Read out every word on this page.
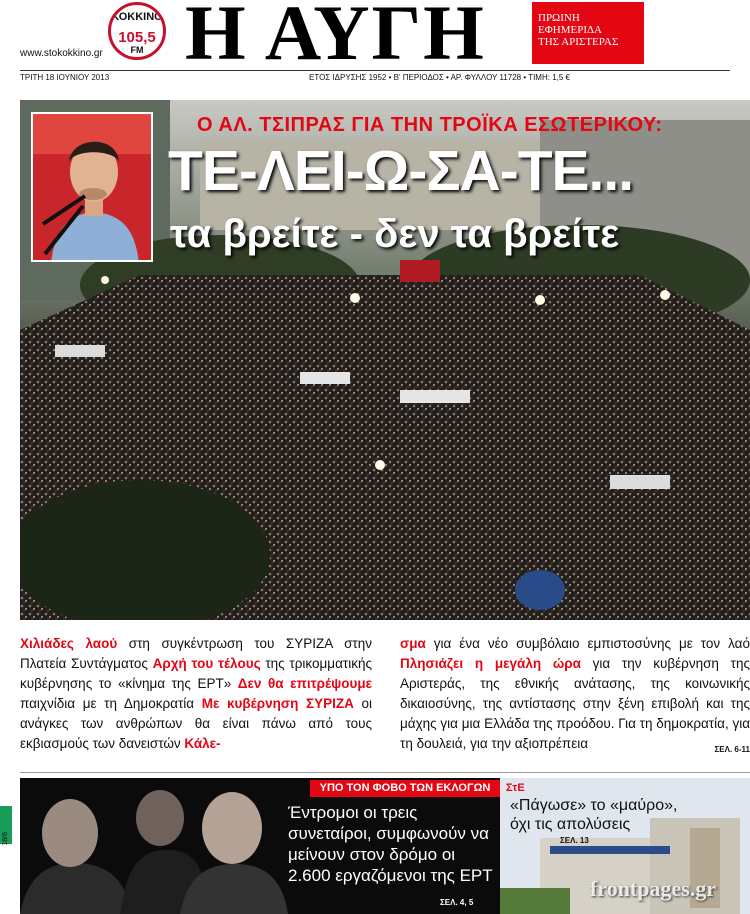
ΚΟΚΚΙΝΟ
105,5
FM
www.stokokkino.gr Η ΑΥΓΗ	ΠΡΩΙΝΗ
ΕΦΗΜΕΡΙΔΑ
ΤΗΣ ΑΡΙΣΤΕΡΑΣ
ΤΡΙΤΗ 18 ΙΟΥΝΙΟΥ 2013	ΕΤΟΣ ΙΔΡΥΣΗΣ 1952 • Β' ΠΕΡΙΟΔΟΣ • ΑΡ. ΦΥΛΛΟΥ 11728 • ΤΙΜΗ: 1,5 €
Ο ΑΛ. ΤΣΙΠΡΑΣ ΓΙΑ ΤΗΝ ΤΡΟΪΚΑ ΕΣΩΤΕΡΙΚΟΥ:
ΤΕ-ΛΕΙ-Ω-ΣΑ-ΤΕ...
τα βρείτε - δεν τα βρείτε
Χιλιάδες λαού στη συγκέντρωση του ΣΥΡΙΖΑ στην Πλατεία Συντάγματος Αρχή του τέλους της τρικομματικής κυβέρνησης το «κίνημα της ΕΡΤ» Δεν θα επιτρέψουμε παιχνίδια με τη Δημοκρατία Με κυβέρνηση ΣΥΡΙΖΑ οι ανάγκες των ανθρώπων θα είναι πάνω από τους εκβιασμούς των δανειστών Κάλε-
σμα για ένα νέο συμβόλαιο εμπιστοσύνης με τον λαό Πλησιάζει η μεγάλη ώρα για την κυβέρνηση της Αριστεράς, της εθνικής ανάτασης, της κοινωνικής δικαιοσύνης, της αντίστασης στην ξένη επιβολή και της μάχης για μια Ελλάδα της προόδου. Για τη δημοκρατία, για τη δουλειά, για την αξιοπρέπεια	ΣΕΛ. 6-11
ΥΠΟ ΤΟΝ ΦΟΒΟ ΤΩΝ ΕΚΛΟΓΩΝ
Έντρομοι οι τρεις συνεταίροι, συμφωνούν να μείνουν στον δρόμο οι 2.600 εργαζόμενοι της ΕΡΤ
ΣΕΛ. 4, 5
ΣτΕ
«Πάγωσε» το «μαύρο»,
όχι τις απολύσεις
ΣΕΛ. 13
frontpages.gr
18/6
